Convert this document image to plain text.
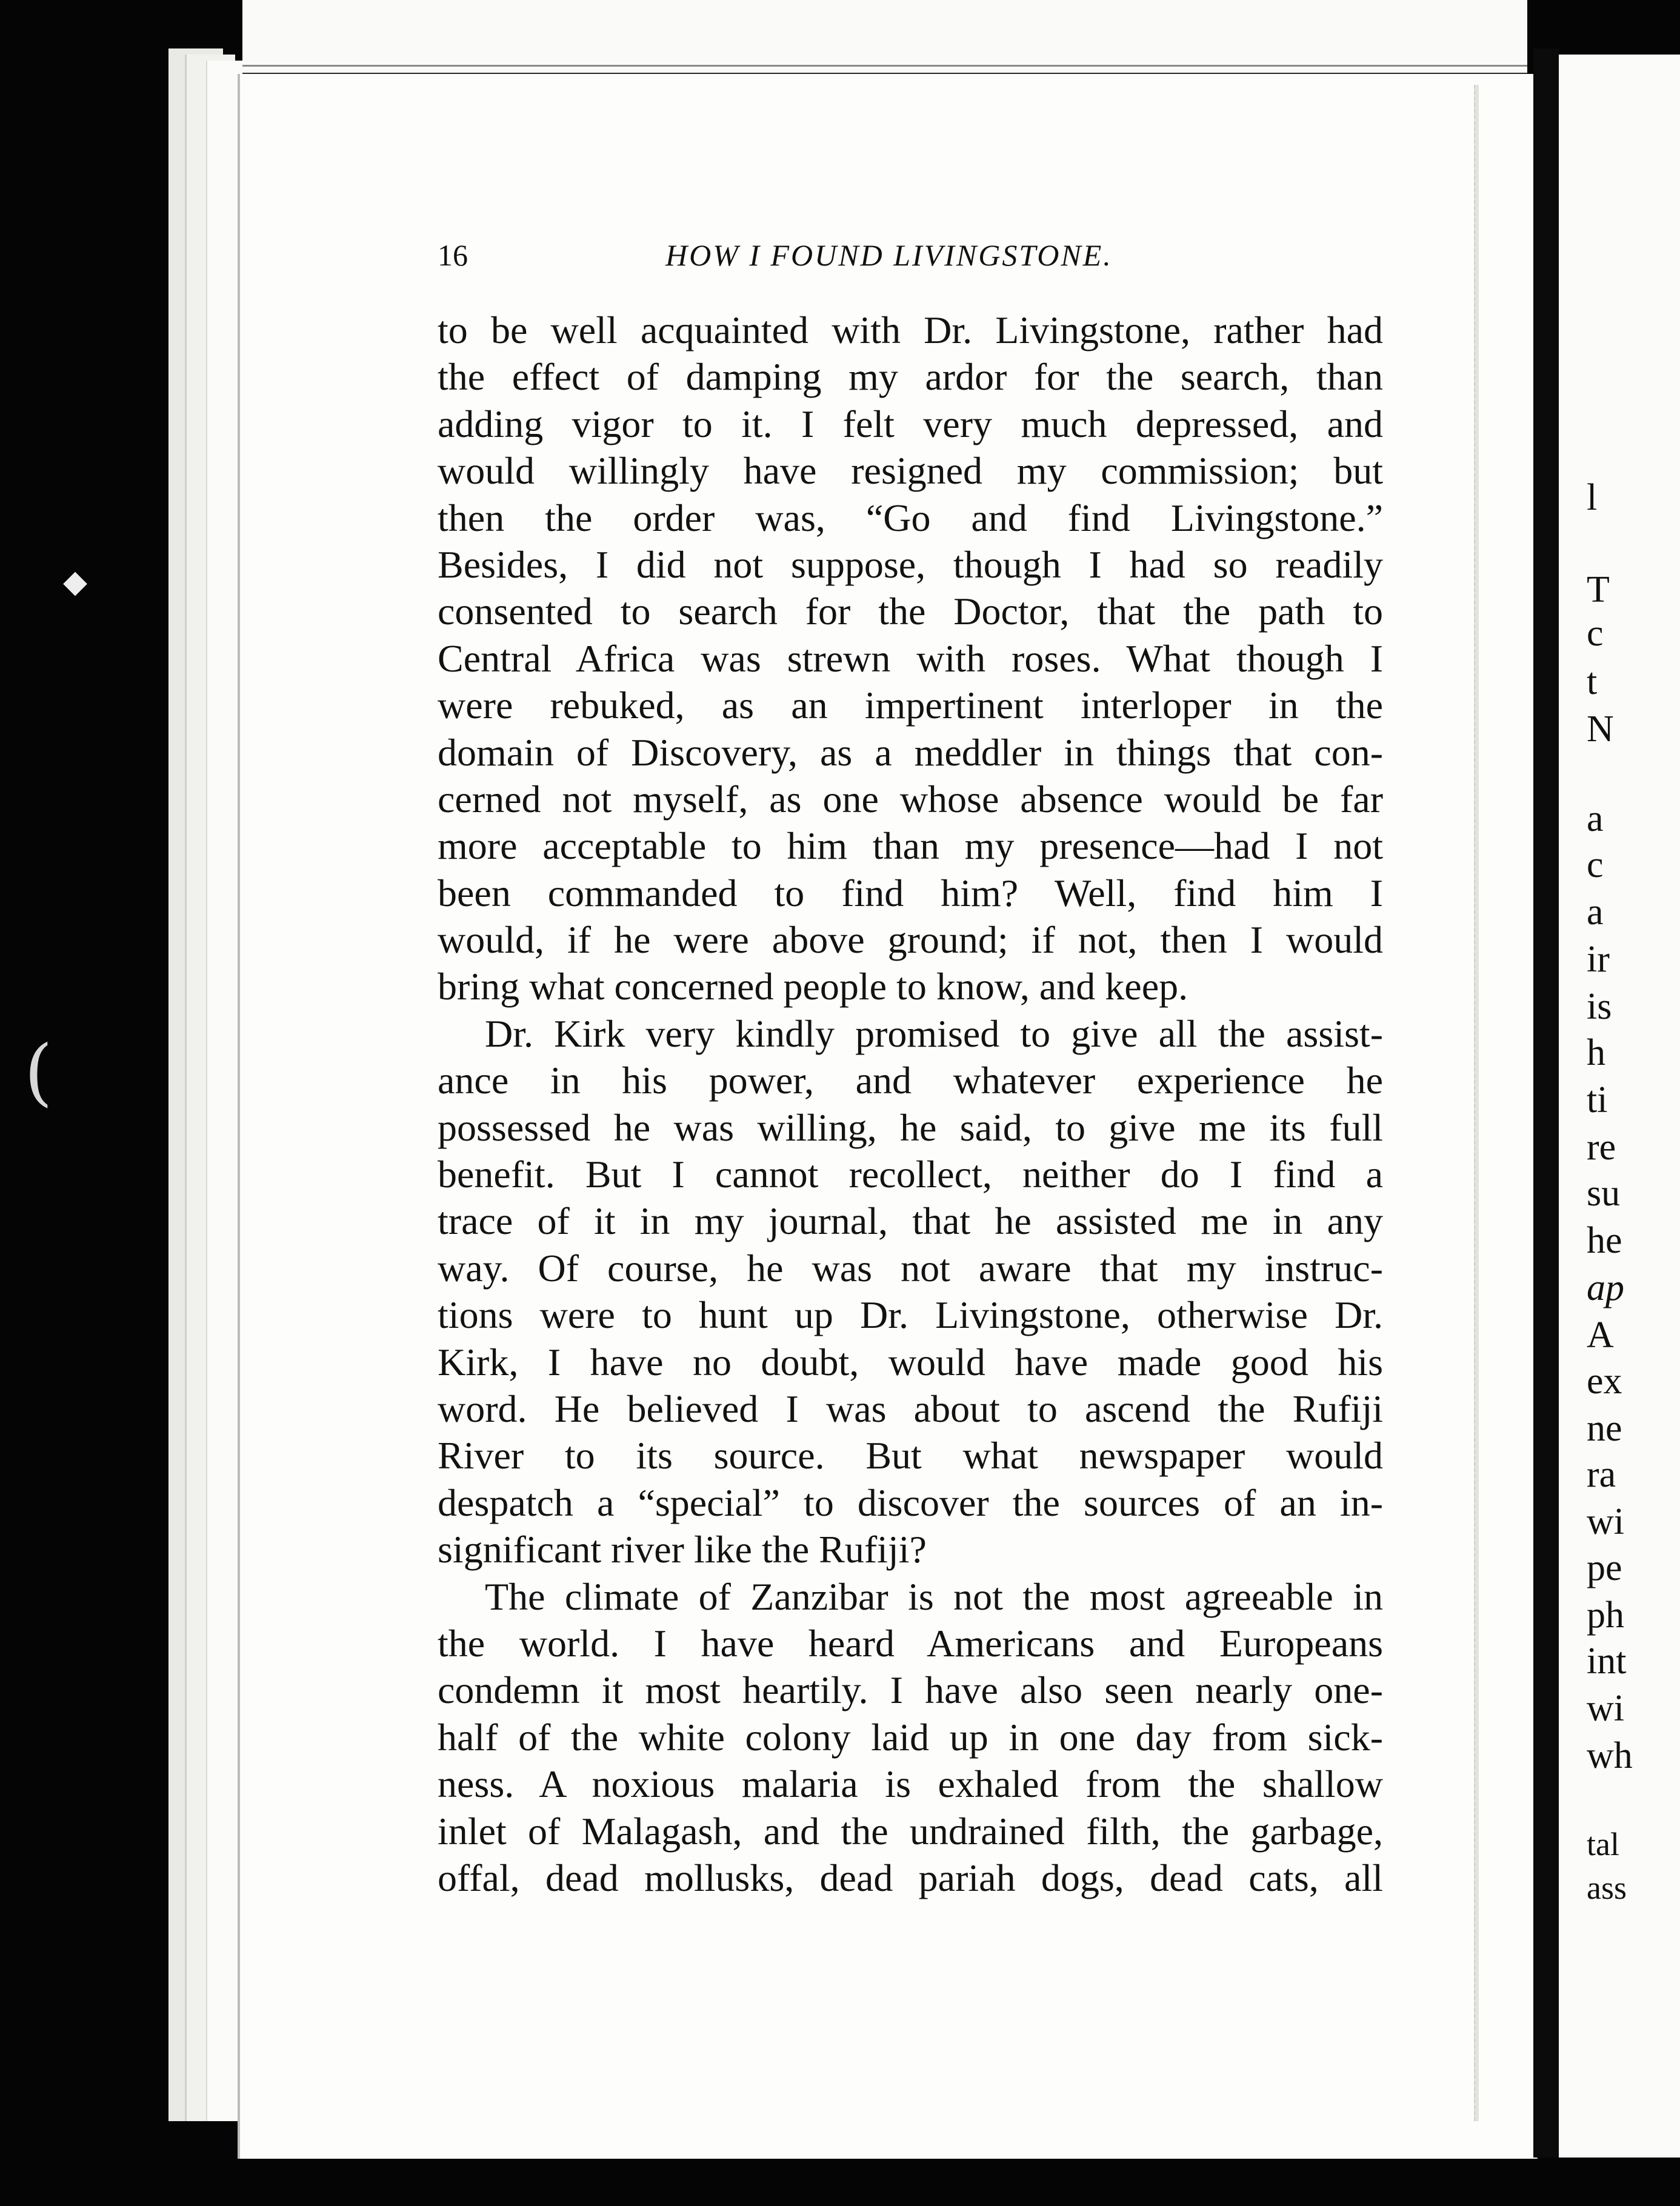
◆
(
16	HOW I FOUND LIVINGSTONE.
to be well acquainted with Dr. Livingstone, rather had
the effect of damping my ardor for the search, than
adding vigor to it. I felt very much depressed, and
would willingly have resigned my commission; but
then the order was, “Go and find Livingstone.”
Besides, I did not suppose, though I had so readily
consented to search for the Doctor, that the path to
Central Africa was strewn with roses. What though I
were rebuked, as an impertinent interloper in the
domain of Discovery, as a meddler in things that con-
cerned not myself, as one whose absence would be far
more acceptable to him than my presence—had I not
been commanded to find him? Well, find him I
would, if he were above ground; if not, then I would
bring what concerned people to know, and keep.
Dr. Kirk very kindly promised to give all the assist-
ance in his power, and whatever experience he
possessed he was willing, he said, to give me its full
benefit. But I cannot recollect, neither do I find a
trace of it in my journal, that he assisted me in any
way. Of course, he was not aware that my instruc-
tions were to hunt up Dr. Livingstone, otherwise Dr.
Kirk, I have no doubt, would have made good his
word. He believed I was about to ascend the Rufiji
River to its source. But what newspaper would
despatch a “special” to discover the sources of an in-
significant river like the Rufiji?
The climate of Zanzibar is not the most agreeable in
the world. I have heard Americans and Europeans
condemn it most heartily. I have also seen nearly one-
half of the white colony laid up in one day from sick-
ness. A noxious malaria is exhaled from the shallow
inlet of Malagash, and the undrained filth, the garbage,
offal, dead mollusks, dead pariah dogs, dead cats, all
l
T
c
t
N
a
c
a
ir
is
h
ti
re
su
he
ap
A
ex
ne
ra
wi
pe
ph
int
wi
wh
tal
ass
